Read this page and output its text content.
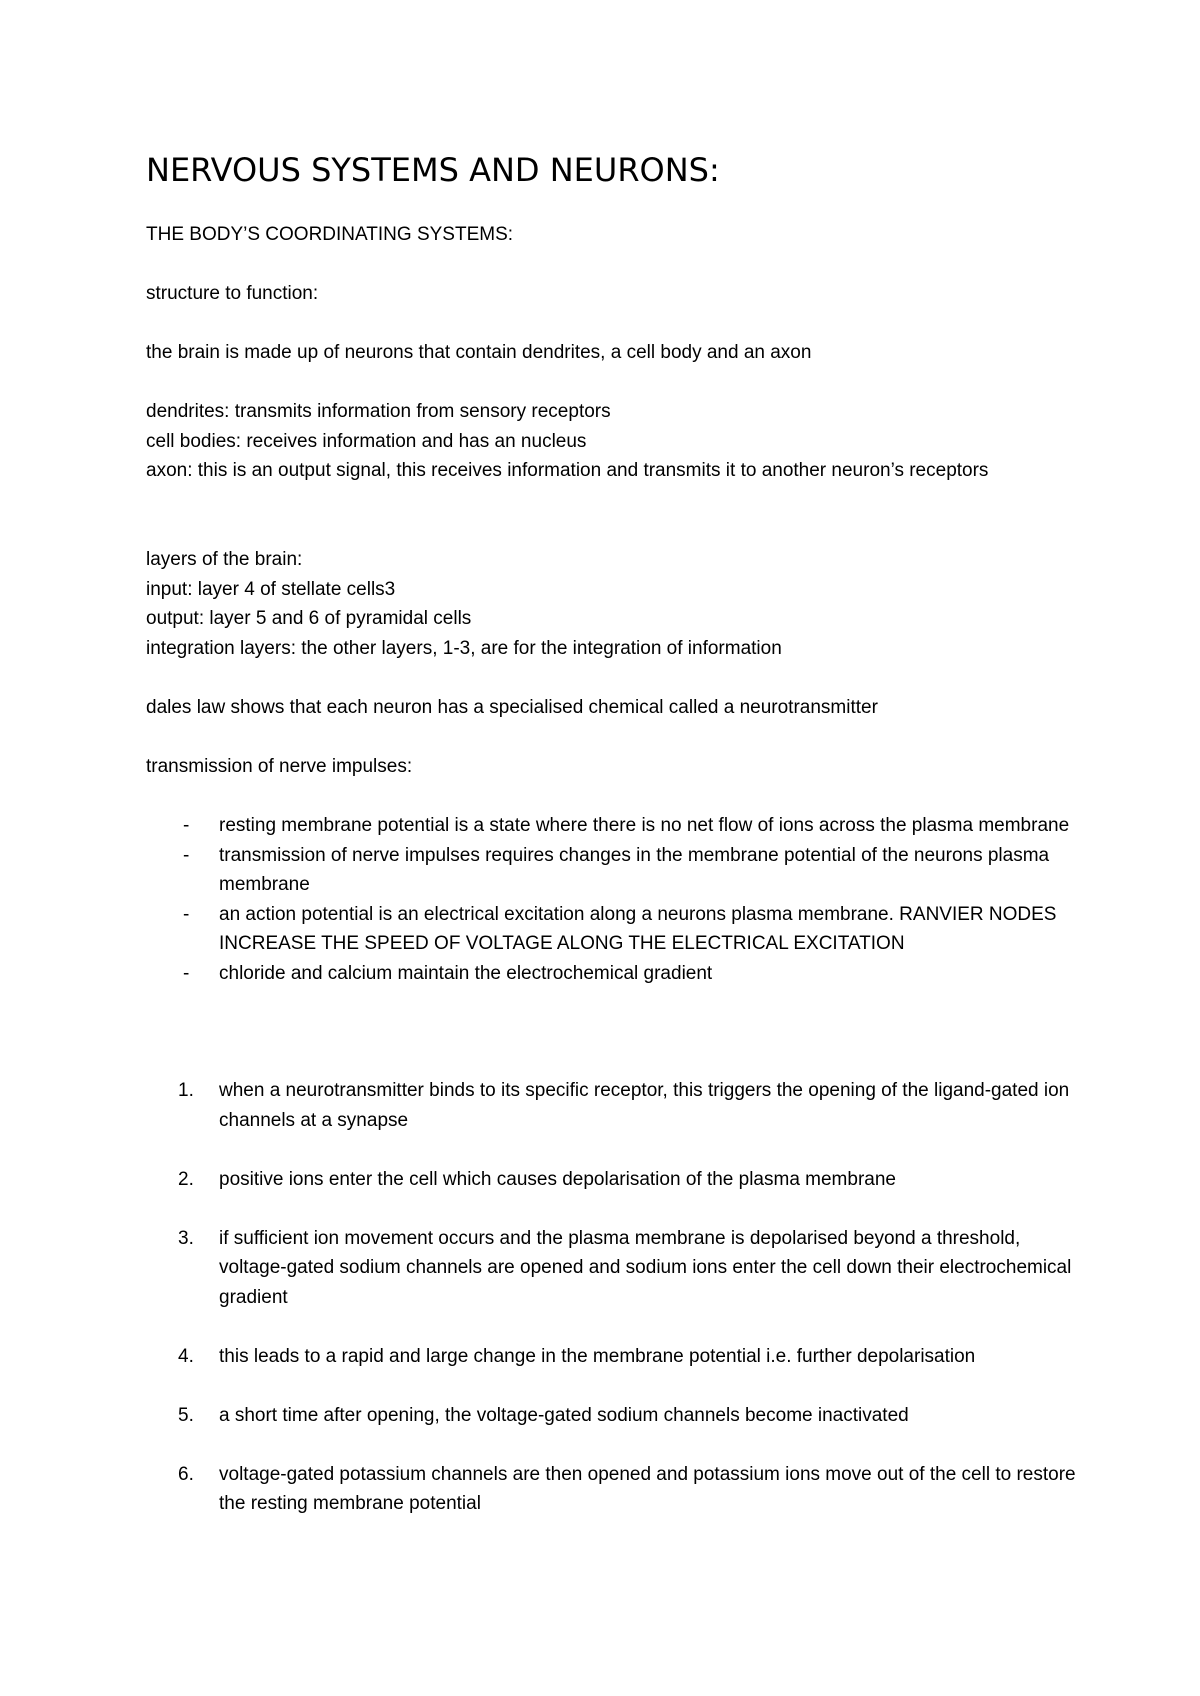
NERVOUS SYSTEMS AND NEURONS:

THE BODY’S COORDINATING SYSTEMS:

structure to function:

the brain is made up of neurons that contain dendrites, a cell body and an axon

dendrites: transmits information from sensory receptors

cell bodies: receives information and has an nucleus

axon: this is an output signal, this receives information and transmits it to another neuron’s receptors

layers of the brain:

input: layer 4 of stellate cells3

output: layer 5 and 6 of pyramidal cells

integration layers: the other layers, 1-3, are for the integration of information

dales law shows that each neuron has a specialised chemical called a neurotransmitter

transmission of nerve impulses:

- resting membrane potential is a state where there is no net flow of ions across the plasma membrane
- transmission of nerve impulses requires changes in the membrane potential of the neurons plasma membrane
- an action potential is an electrical excitation along a neurons plasma membrane. RANVIER NODES INCREASE THE SPEED OF VOLTAGE ALONG THE ELECTRICAL EXCITATION
- chloride and calcium maintain the electrochemical gradient
1. when a neurotransmitter binds to its specific receptor, this triggers the opening of the ligand-gated ion channels at a synapse
2. positive ions enter the cell which causes depolarisation of the plasma membrane
3. if sufficient ion movement occurs and the plasma membrane is depolarised beyond a threshold, voltage-gated sodium channels are opened and sodium ions enter the cell down their electrochemical gradient
4. this leads to a rapid and large change in the membrane potential i.e. further depolarisation
5. a short time after opening, the voltage-gated sodium channels become inactivated
6. voltage-gated potassium channels are then opened and potassium ions move out of the cell to restore the resting membrane potential
